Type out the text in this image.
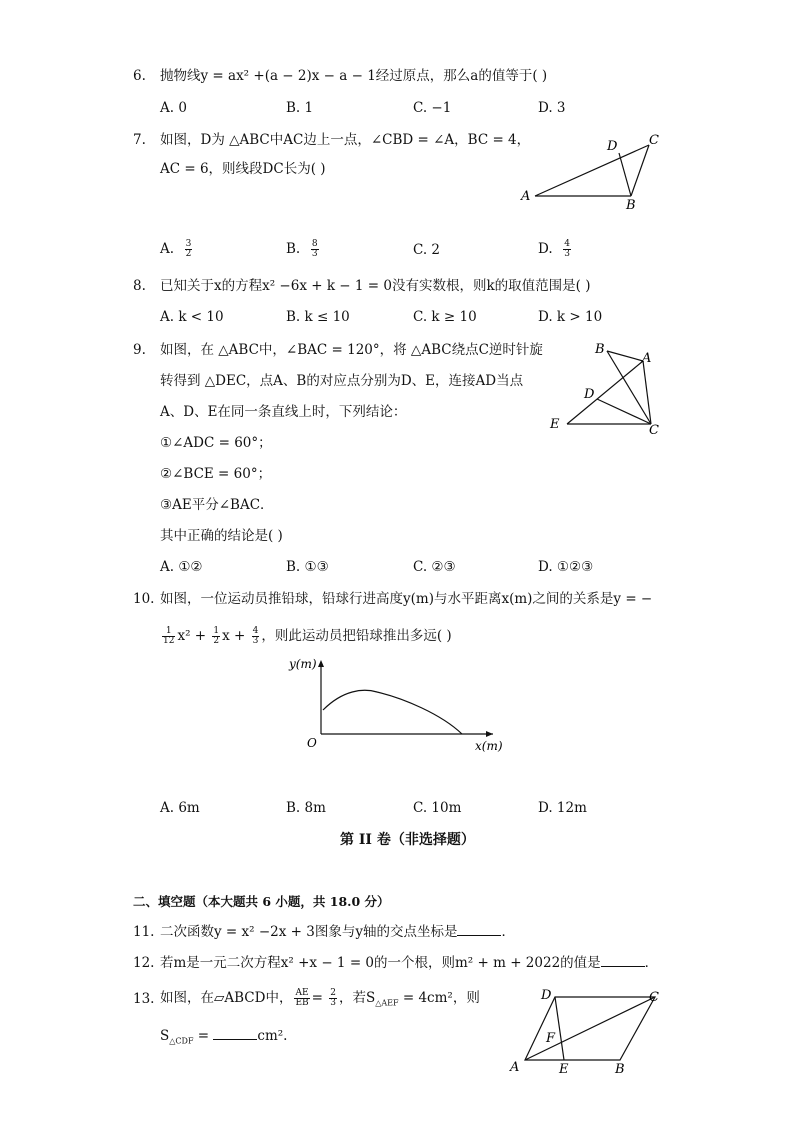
6. 抛物线y = ax² +(a − 2)x − a − 1经过原点，那么a的值等于( )
A. 0	B. 1	C. −1	D. 3
7. 如图，D为 △ABC中AC边上一点，∠CBD = ∠A，BC = 4，
AC = 6，则线段DC长为( )
A
B
C
D
A. $\frac{3}{2}$	B. $\frac{8}{3}$	C. 2	D. $\frac{4}{3}$
8. 已知关于x的方程x² −6x + k − 1 = 0没有实数根，则k的取值范围是( )
A. k < 10	B. k ≤ 10	C. k ≥ 10	D. k > 10
9. 如图，在 △ABC中，∠BAC = 120°，将 △ABC绕点C逆时针旋
转得到 △DEC，点A、B的对应点分别为D、E，连接AD当点
A、D、E在同一条直线上时，下列结论：
①∠ADC = 60°；
②∠BCE = 60°；
③AE平分∠BAC．
其中正确的结论是( )
A. ①②	B. ①③	C. ②③	D. ①②③
B
A
D
E	C
10. 如图，一位运动员推铅球，铅球行进高度y(m)与水平距离x(m)之间的关系是y = −
$\frac{1}{12} x^2 + \frac{1}{2}$ $x + \frac{4}{3}$ ，则此运动员把铅球推出多远( )
y(m)
x(m)
O
A. 6m	B. 8m	C. 10m	D. 12m
第 II 卷（非选择题）
二、填空题（本大题共 6 小题，共 18.0 分）
11. 二次函数y = x² −2x + 3图象与y轴的交点坐标是	．
12. 若m是一元二次方程x² +x − 1 = 0的一个根，则m² + m + 2022的值是	．
13. 如图，在▱ABCD中， $\frac{AE}{EB} = \frac{2}{3}$ ，若$S_{\triangle AEF} = 4cm^2$，则
$S_{\triangle CDF}$ =	cm².
D	C
F
A	E	B
